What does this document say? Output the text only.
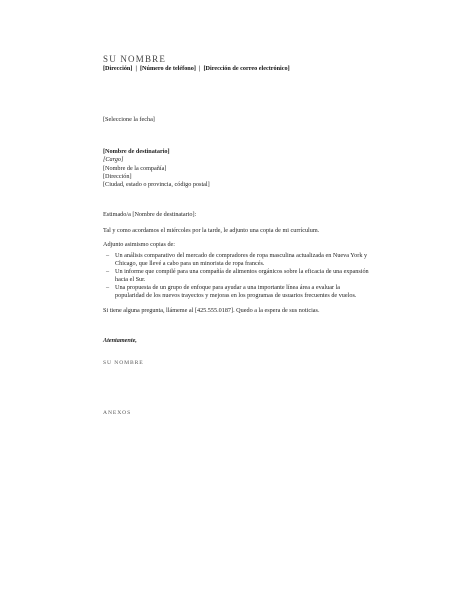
SU NOMBRE
[Dirección] | [Número de teléfono] | [Dirección de correo electrónico]
[Seleccione la fecha]
[Nombre de destinatario]
[Cargo]
[Nombre de la compañía]
[Dirección]
[Ciudad, estado o provincia, código postal]
Estimado/a [Nombre de destinatario]:
Tal y como acordamos el miércoles por la tarde, le adjunto una copia de mi currículum.
Adjunto asimismo copias de:
– Un análisis comparativo del mercado de compradores de ropa masculina actualizada en Nueva York y Chicago, que llevé a cabo para un minorista de ropa francés.
– Un informe que compilé para una compañía de alimentos orgánicos sobre la eficacia de una expansión hacia el Sur.
– Una propuesta de un grupo de enfoque para ayudar a una importante línea área a evaluar la popularidad de los nuevos trayectos y mejoras en los programas de usuarios frecuentes de vuelos.
Si tiene alguna pregunta, llámeme al [425.555.0187]. Quedo a la espera de sus noticias.
Atentamente,
SU NOMBRE
ANEXOS
